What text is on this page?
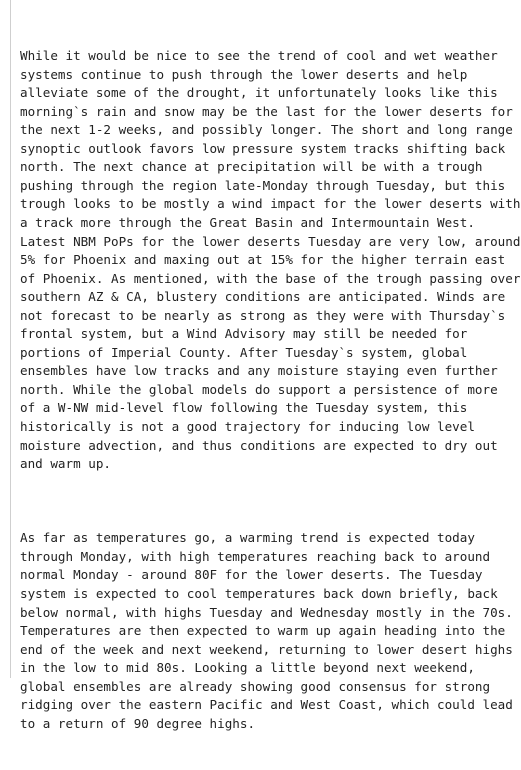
While it would be nice to see the trend of cool and wet weather
systems continue to push through the lower deserts and help
alleviate some of the drought, it unfortunately looks like this
morning`s rain and snow may be the last for the lower deserts for
the next 1-2 weeks, and possibly longer. The short and long range
synoptic outlook favors low pressure system tracks shifting back
north. The next chance at precipitation will be with a trough
pushing through the region late-Monday through Tuesday, but this
trough looks to be mostly a wind impact for the lower deserts with
a track more through the Great Basin and Intermountain West.
Latest NBM PoPs for the lower deserts Tuesday are very low, around
5% for Phoenix and maxing out at 15% for the higher terrain east
of Phoenix. As mentioned, with the base of the trough passing over
southern AZ & CA, blustery conditions are anticipated. Winds are
not forecast to be nearly as strong as they were with Thursday`s
frontal system, but a Wind Advisory may still be needed for
portions of Imperial County. After Tuesday`s system, global
ensembles have low tracks and any moisture staying even further
north. While the global models do support a persistence of more
of a W-NW mid-level flow following the Tuesday system, this
historically is not a good trajectory for inducing low level
moisture advection, and thus conditions are expected to dry out
and warm up.

As far as temperatures go, a warming trend is expected today
through Monday, with high temperatures reaching back to around
normal Monday - around 80F for the lower deserts. The Tuesday
system is expected to cool temperatures back down briefly, back
below normal, with highs Tuesday and Wednesday mostly in the 70s.
Temperatures are then expected to warm up again heading into the
end of the week and next weekend, returning to lower desert highs
in the low to mid 80s. Looking a little beyond next weekend,
global ensembles are already showing good consensus for strong
ridging over the eastern Pacific and West Coast, which could lead
to a return of 90 degree highs.
